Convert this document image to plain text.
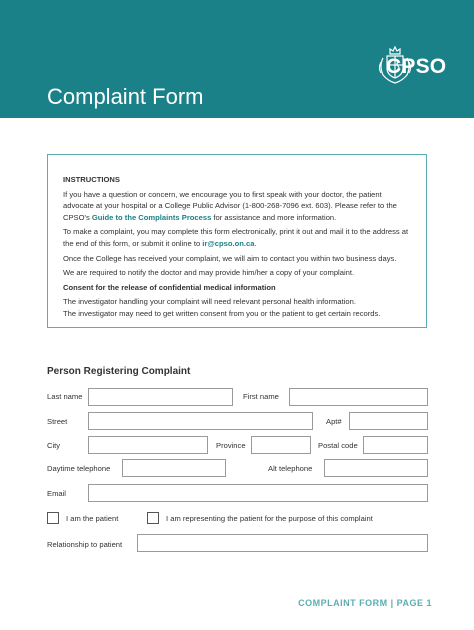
CPSO
Complaint Form

INSTRUCTIONS

If you have a question or concern, we encourage you to first speak with your doctor, the patient advocate at your hospital or a College Public Advisor (1-800-268-7096 ext. 603). Please refer to the CPSO's Guide to the Complaints Process for assistance and more information.

To make a complaint, you may complete this form electronically, print it out and mail it to the address at the end of this form, or submit it online to ir@cpso.on.ca.

Once the College has received your complaint, we will aim to contact you within two business days.

We are required to notify the doctor and may provide him/her a copy of your complaint.

Consent for the release of confidential medical information

The investigator handling your complaint will need relevant personal health information.

The investigator may need to get written consent from you or the patient to get certain records.

Person Registering Complaint
Last name	First name
Street	Apt#
City	Province	Postal code
Daytime telephone	Alt telephone
Email
I am the patient	I am representing the patient for the purpose of this complaint
Relationship to patient
COMPLAINT FORM | PAGE 1
